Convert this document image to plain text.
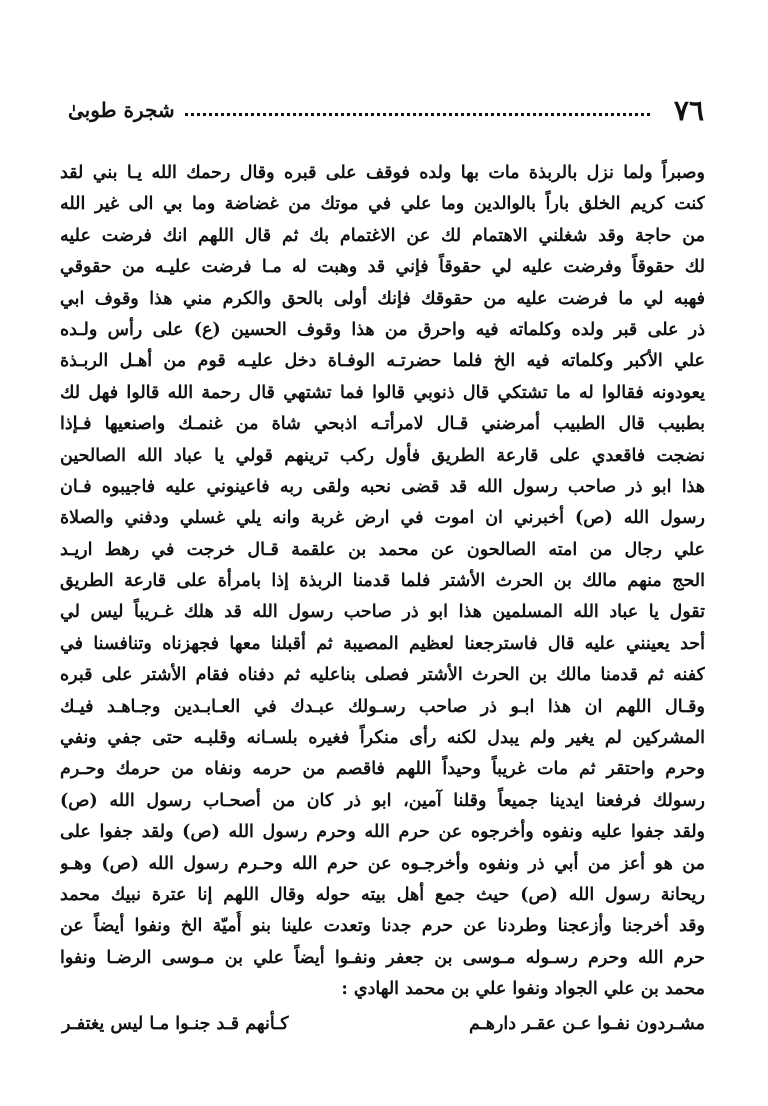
٧٦
شجرة طوبىٰ
وصبراً ولما نزل بالربذة مات بها ولده فوقف على قبره وقال رحمك الله يـا بني لقد
كنت كريم الخلق باراً بالوالدين وما علي في موتك من غضاضة وما بي الى غير الله
من حاجة وقد شغلني الاهتمام لك عن الاغتمام بك ثم قال اللهم انك فرضت عليه
لك حقوقاً وفرضت عليه لي حقوقاً فإني قد وهبت له مـا فرضت عليـه من حقوقي
فهبه لي ما فرضت عليه من حقوقك فإنك أولى بالحق والكرم مني هذا وقوف ابي
ذر على قبر ولده وكلماته فيه واحرق من هذا وقوف الحسين (ع) على رأس ولـده
علي الأكبر وكلماته فيه الخ فلما حضرتـه الوفـاة دخل عليـه قوم من أهـل الربـذة
يعودونه فقالوا له ما تشتكي قال ذنوبي قالوا فما تشتهي قال رحمة الله قالوا فهل لك
بطبيب قال الطبيب أمرضني قـال لامرأتـه اذبحي شاة من غنمـك واصنعيها فـإذا
نضجت فاقعدي على قارعة الطريق فأول ركب ترينهم قولي يا عباد الله الصالحين
هذا ابو ذر صاحب رسول الله قد قضى نحبه ولقى ربه فاعينوني عليه فاجيبوه فـان
رسول الله (ص) أخبرني ان اموت في ارض غربة وانه يلي غسلي ودفني والصلاة
علي رجال من امته الصالحون عن محمد بن علقمة قـال خرجت في رهط اريـد
الحج منهم مالك بن الحرث الأشتر فلما قدمنا الربذة إذا بامرأة على قارعة الطريق
تقول يا عباد الله المسلمين هذا ابو ذر صاحب رسول الله قد هلك غـريباً ليس لي
أحد يعينني عليه قال فاسترجعنا لعظيم المصيبة ثم أقبلنا معها فجهزناه وتنافسنا في
كفنه ثم قدمنا مالك بن الحرث الأشتر فصلى بناعليه ثم دفناه فقام الأشتر على قبره
وقـال اللهم ان هذا ابـو ذر صاحب رسـولك عبـدك في العـابـدين وجـاهـد فيـك
المشركين لم يغير ولم يبدل لكنه رأى منكراً فغيره بلسـانه وقلبـه حتى جفي ونفي
وحرم واحتقر ثم مات غريباً وحيداً اللهم فاقصم من حرمه ونفاه من حرمك وحـرم
رسولك فرفعنا ايدينا جميعاً وقلنا آمين، ابو ذر كان من أصحـاب رسول الله (ص)
ولقد جفوا عليه ونفوه وأخرجوه عن حرم الله وحرم رسول الله (ص) ولقد جفوا على
من هو أعز من أبي ذر ونفوه وأخرجـوه عن حرم الله وحـرم رسول الله (ص) وهـو
ريحانة رسول الله (ص) حيث جمع أهل بيته حوله وقال اللهم إنا عترة نبيك محمد
وقد أخرجنا وأزعجنا وطردنا عن حرم جدنا وتعدت علينا بنو أُميّة الخ ونفوا أيضاً عن
حرم الله وحرم رسـوله مـوسى بن جعفر ونفـوا أيضاً علي بن مـوسى الرضـا ونفوا
محمد بن علي الجواد ونفوا علي بن محمد الهادي :
مشـردون نفـوا عـن عقـر دارهـم
كـأنهم قـد جنـوا مـا ليس يغتفـر
